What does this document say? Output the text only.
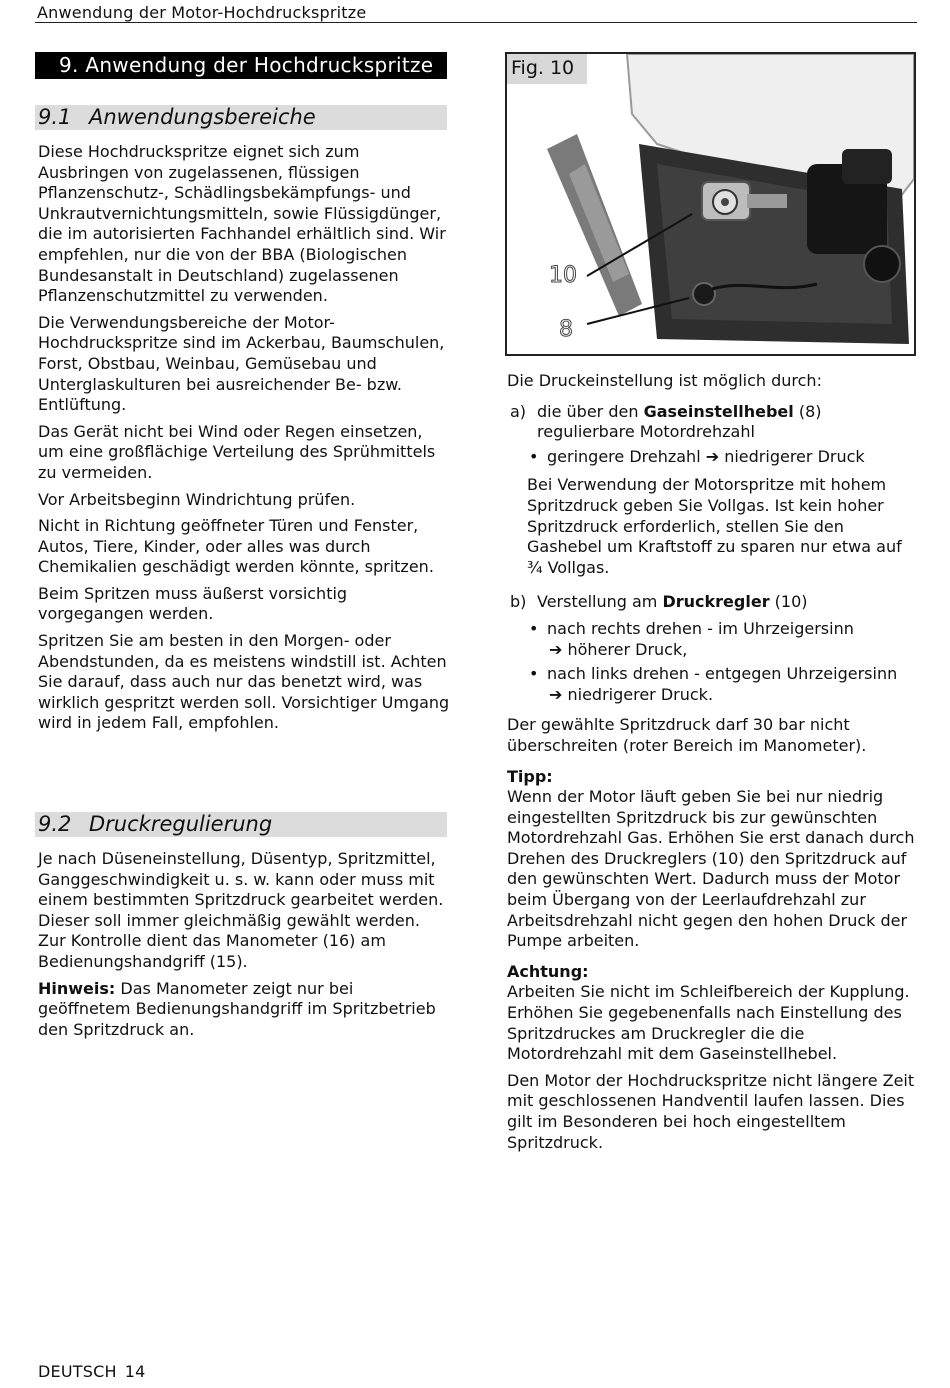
Anwendung der Motor-Hochdruckspritze
9. Anwendung der Hochdruckspritze
9.1 Anwendungsbereiche

Diese Hochdruckspritze eignet sich zum Ausbringen von zugelassenen, flüssigen Pflanzenschutz-, Schädlingsbekämpfungs- und Unkrautvernichtungsmitteln, sowie Flüssigdünger, die im autorisierten Fachhandel erhältlich sind. Wir empfehlen, nur die von der BBA (Biologischen Bundesanstalt in Deutschland) zugelassenen Pflanzenschutzmittel zu verwenden.

Die Verwendungsbereiche der Motor-Hochdruckspritze sind im Ackerbau, Baumschulen, Forst, Obstbau, Weinbau, Gemüsebau und Unterglaskulturen bei ausreichender Be- bzw. Entlüftung.

Das Gerät nicht bei Wind oder Regen einsetzen, um eine großflächige Verteilung des Sprühmittels zu vermeiden.

Vor Arbeitsbeginn Windrichtung prüfen.

Nicht in Richtung geöffneter Türen und Fenster, Autos, Tiere, Kinder, oder alles was durch Chemikalien geschädigt werden könnte, spritzen.

Beim Spritzen muss äußerst vorsichtig vorgegangen werden.

Spritzen Sie am besten in den Morgen- oder Abendstunden, da es meistens windstill ist. Achten Sie darauf, dass auch nur das benetzt wird, was wirklich gespritzt werden soll. Vorsichtiger Umgang wird in jedem Fall, empfohlen.

9.2 Druckregulierung

Je nach Düseneinstellung, Düsentyp, Spritzmittel, Ganggeschwindigkeit u. s. w. kann oder muss mit einem bestimmten Spritzdruck gearbeitet werden. Dieser soll immer gleichmäßig gewählt werden. Zur Kontrolle dient das Manometer (16) am Bedienungshandgriff (15).

Hinweis: Das Manometer zeigt nur bei geöffnetem Bedienungshandgriff im Spritzbetrieb den Spritzdruck an.

Fig. 10
10
8

Die Druckeinstellung ist möglich durch:

a) die über den Gaseinstellhebel (8) regulierbare Motordrehzahl
• geringere Drehzahl ➔ niedrigerer Druck

Bei Verwendung der Motorspritze mit hohem Spritzdruck geben Sie Vollgas. Ist kein hoher Spritzdruck erforderlich, stellen Sie den Gashebel um Kraftstoff zu sparen nur etwa auf ¾ Vollgas.

b) Verstellung am Druckregler (10)
• nach rechts drehen - im Uhrzeigersinn
➔ höherer Druck,
• nach links drehen - entgegen Uhrzeigersinn
➔ niedrigerer Druck.

Der gewählte Spritzdruck darf 30 bar nicht überschreiten (roter Bereich im Manometer).

Tipp:
Wenn der Motor läuft geben Sie bei nur niedrig eingestellten Spritzdruck bis zur gewünschten Motordrehzahl Gas. Erhöhen Sie erst danach durch Drehen des Druckreglers (10) den Spritzdruck auf den gewünschten Wert. Dadurch muss der Motor beim Übergang von der Leerlaufdrehzahl zur Arbeitsdrehzahl nicht gegen den hohen Druck der Pumpe arbeiten.

Achtung:
Arbeiten Sie nicht im Schleifbereich der Kupplung. Erhöhen Sie gegebenenfalls nach Einstellung des Spritzdruckes am Druckregler die die Motordrehzahl mit dem Gaseinstellhebel.

Den Motor der Hochdruckspritze nicht längere Zeit mit geschlossenen Handventil laufen lassen. Dies gilt im Besonderen bei hoch eingestelltem Spritzdruck.

DEUTSCH 14
